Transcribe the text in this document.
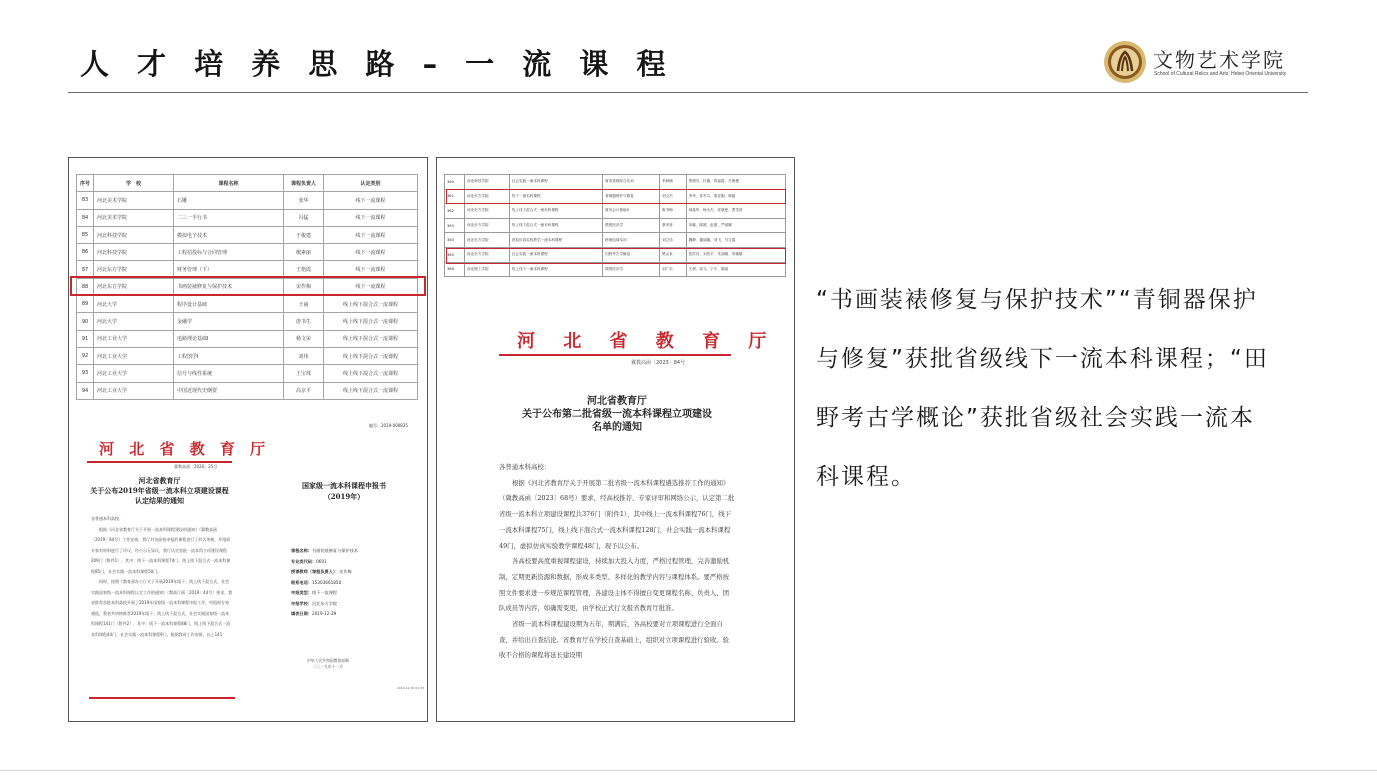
人 才 培 养 思 路 – 一 流 课 程	文物艺术学院
School of Cultural Relics and Arts, Hebei Oriental University
序号	学　校	课程名称	课程负责人	认定类别
83	河北美术学院	石雕	张华	线下一流课程
84	河北美术学院	二三一手行书	冯猛	线下一流课程
85	河北科技学院	模拟电子技术	于俊建	线下一流课程
86	河北科技学院	工程招投标与合同管理	檀素丽	线下一流课程
87	河北东方学院	财务管理（下）	王艳霞	线下一流课程
88	河北东方学院	书画装裱修复与保护技术	宋作梅	线下一流课程
89	河北大学	程序设计基础	王丽	线上线下混合式一流课程
90	河北大学	金融学	唐书生	线上线下混合式一流课程
91	河北工业大学	电路理论基础Ⅰ	杨文荣	线上线下混合式一流课程
92	河北工业大学	工程图学Ⅰ	刘伟	线上线下混合式一流课程
93	河北工业大学	信号与线性系统	王宝珠	线上线下混合式一流课程
94	河北工业大学	中国近现代史纲要	高京平	线上线下混合式一流课程
编号：2019-000835
河 北 省 教 育 厅
冀教高函〔2020〕25号
河北省教育厅
关于公布2019年省级一流本科立项建设课程
认定结果的通知
各普通本科高校：

根据《河北省教育厅关于开展一流本科课程建设的通知》（冀教高函〔2019〕84号）工作安排，我厅对各高校申报的课程进行了形式审核，并组织专家对材料进行了评议，经公示无异议，我厅认定首批一流本科立项建设课程209门（附件1），其中：线下一流本科课程74门，线上线下混合式一流本科课程85门，社会实践一流本科课程50门。

同时，按照《教育部办公厅关于开展2019年线下、线上线下混合式、社会实践国家级一流本科课程认定工作的通知》（教高厅函〔2019〕44号）要求，我省推荐首批本科高校开展了2019年国家级一流本科课程申报工作，经组织专家遴选，我省共审核推荐2019年线下、线上线下混合式、社会实践国家级一流本科课程141门（附件2），其中：线下一流本科课程88门，线上线下混合式一流本科课程44门，社会实践一流本科课程9门，根据我省工作安排，以上141

国家级一流本科课程申报书
（2019年）
课程名称：书画装裱修复与保护技术
专业类代码：0601
授课教师（课程负责人）：宋作梅
联系电话：15303661850
申报类型：线下一流课程
申报学校：河北东方学院
填表日期：2019-12-29
中华人民共和国教育部制
二〇一九年十一月
2019-12-30 01:33
360	河北科技学院	社会实践一流本科课程	财务管理综合实训	李润楠	贾俊芳、杜娜、郑福霞、吕俊俊
361	河北东方学院	线下一流本科课程	青铜器保护与修复	刘文杰	李华、常冬芬、胡亚刚、韩磊
362	河北东方学院	线上线下混合式一流本科课程	财务会计基础II	陈书梅	林晶华、杨永杰、张晓曼、贾雪萍
363	河北东方学院	线上线下混合式一流本科课程	微观经济学	康孝营	宋娜、陈媛、赵蕾、严丽娜
364	河北东方学院	虚拟仿真实验教学一流本科课程	跨境电商实训	刘立伟	魏静、董丽娜、刘飞、马文霞
365	河北东方学院	社会实践一流本科课程	田野考古学概论	樊山泉	张洪亮、刘晋平、朱丽娜、申娜娜
366	河北理工学院	线上线下一流本科课程	微观经济学	刘广东	王倩、周飞、宁宇、陈丽
河 北 省 教 育 厅
冀教高函〔2023〕84号
河北省教育厅
关于公布第二批省级一流本科课程立项建设
名单的通知

各普通本科高校：

根据《河北省教育厅关于开展第二批省级一流本科课程遴选推荐工作的通知》（冀教高函〔2023〕68号）要求，经高校推荐、专家评审和网络公示，认定第二批省级一流本科立项建设课程共376门（附件1），其中线上一流本科课程76门，线下一流本科课程75门，线上线下混合式一流本科课程128门，社会实践一流本科课程49门，虚拟仿真实验教学课程48门，现予以公布。

各高校要高度重视课程建设，持续加大投入力度，严格过程管理，完善激励机制，定期更新资源和数据，形成多类型、多样化的教学内容与课程体系。要严格按照文件要求进一步规范课程管理，各建设主体不得擅自变更课程名称、负责人、团队成员等内容，如确需变更，由学校正式行文报省教育厅批准。

省级一流本科课程建设期为五年，期满后，各高校要对立项课程进行全面自查，并给出自查结论。省教育厅在学校自查基础上，组织对立项课程进行验收。验收不合格的课程将延长建设期

“书画装裱修复与保护技术”“青铜器保护与修复”获批省级线下一流本科课程；“田野考古学概论”获批省级社会实践一流本科课程。
